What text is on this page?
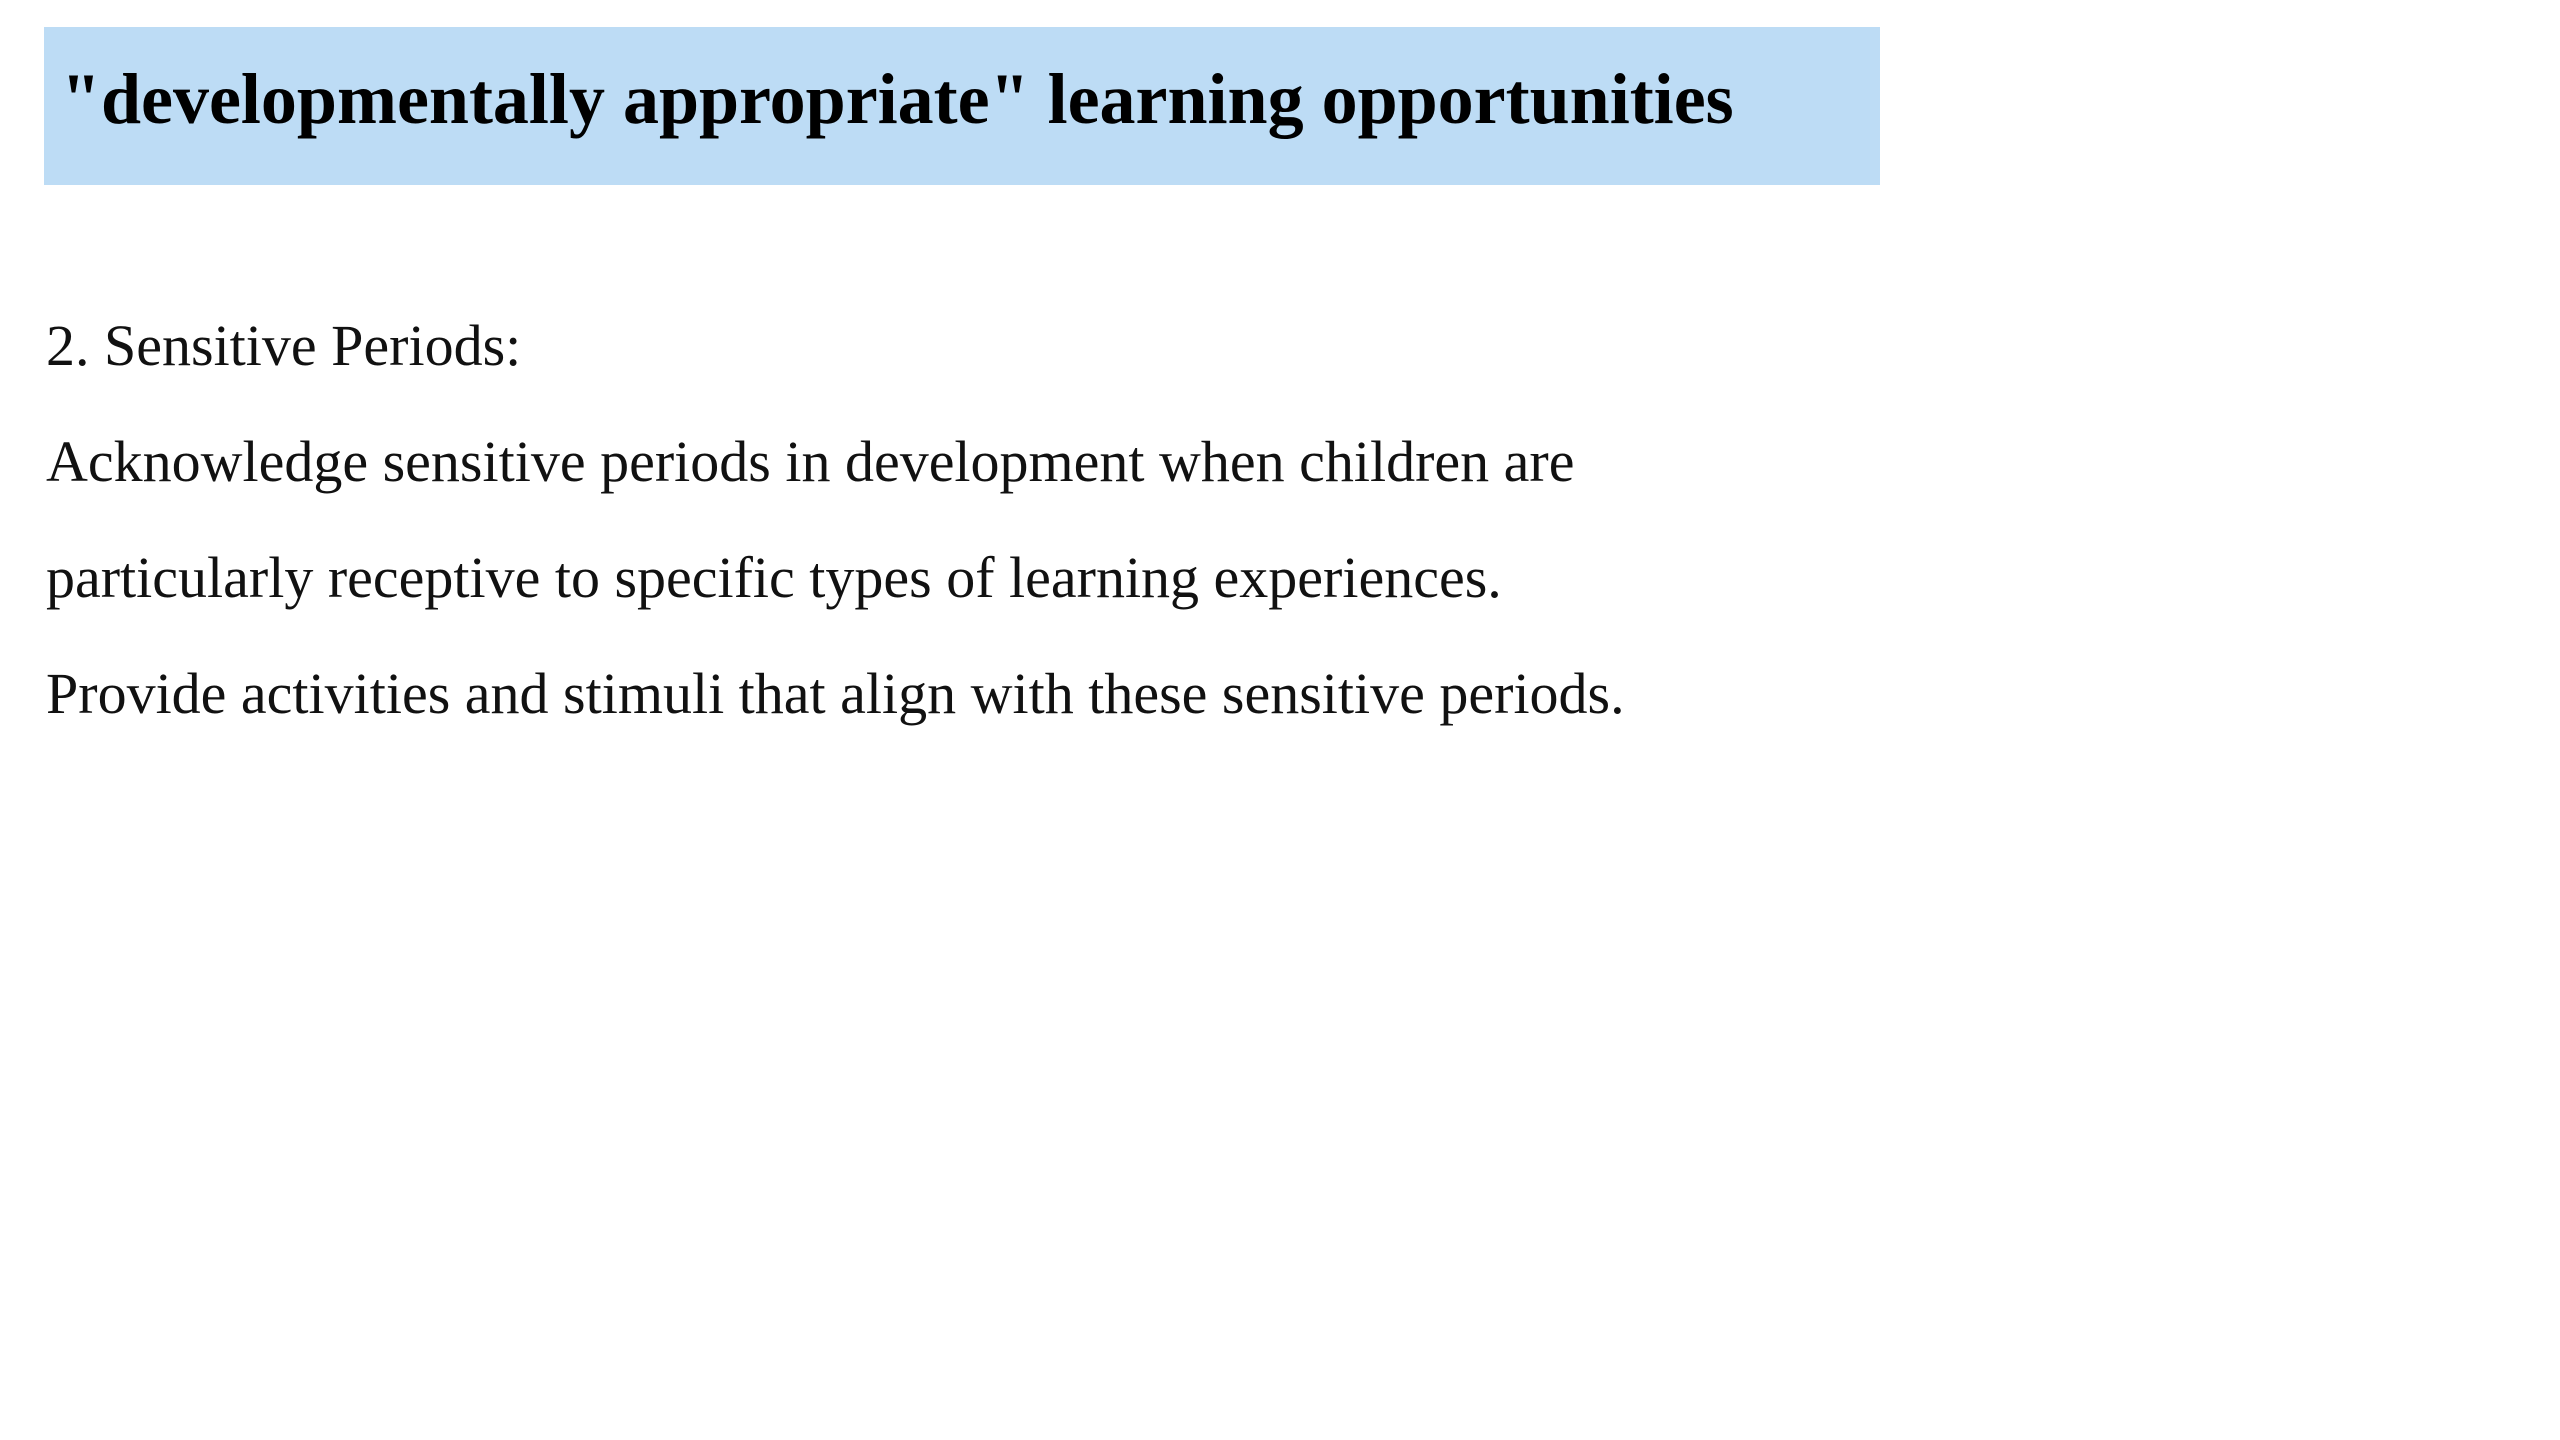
"developmentally appropriate" learning opportunities
2. Sensitive Periods:
Acknowledge sensitive periods in development when children are
particularly receptive to specific types of learning experiences.
Provide activities and stimuli that align with these sensitive periods.
